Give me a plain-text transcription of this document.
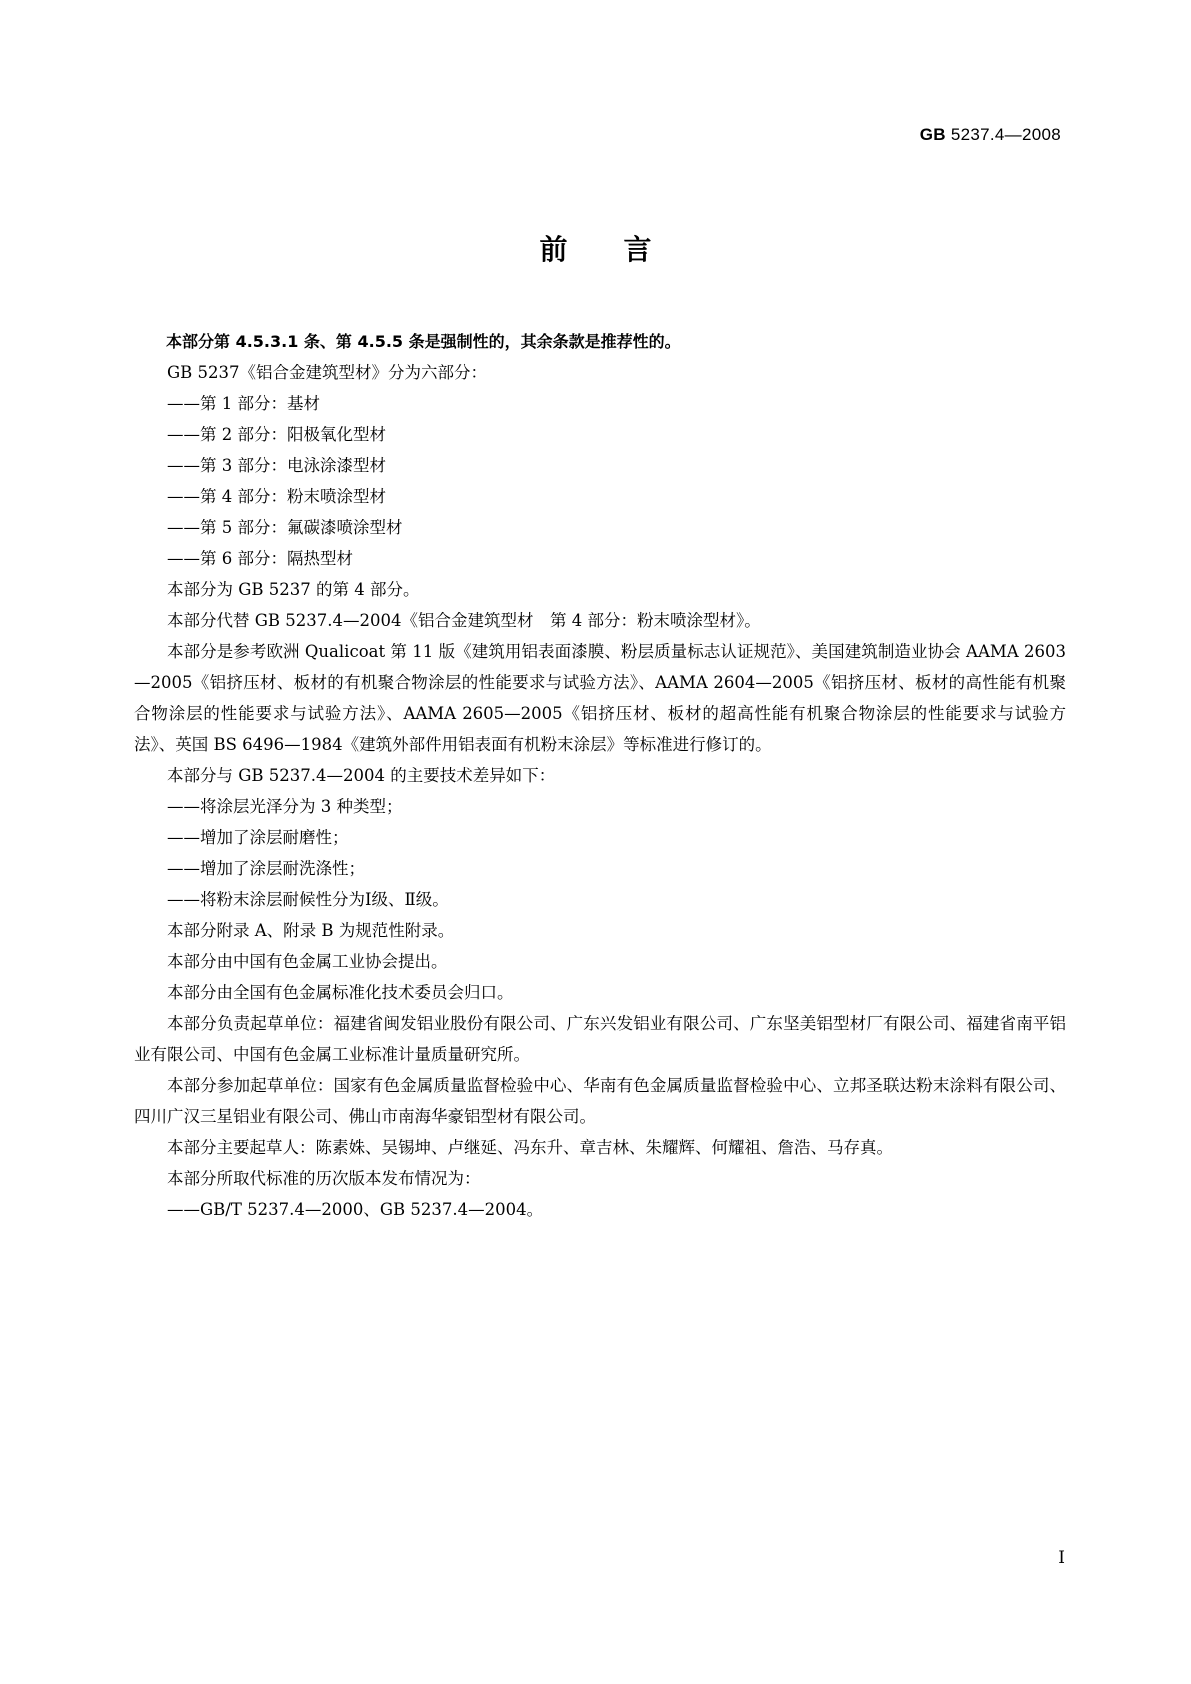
GB 5237.4—2008
前言

本部分第 4.5.3.1 条、第 4.5.5 条是强制性的，其余条款是推荐性的。

GB 5237《铝合金建筑型材》分为六部分：

——第 1 部分：基材

——第 2 部分：阳极氧化型材

——第 3 部分：电泳涂漆型材

——第 4 部分：粉末喷涂型材

——第 5 部分：氟碳漆喷涂型材

——第 6 部分：隔热型材

本部分为 GB 5237 的第 4 部分。

本部分代替 GB 5237.4—2004《铝合金建筑型材　第 4 部分：粉末喷涂型材》。

本部分是参考欧洲 Qualicoat 第 11 版《建筑用铝表面漆膜、粉层质量标志认证规范》、美国建筑制造业协会 AAMA 2603—2005《铝挤压材、板材的有机聚合物涂层的性能要求与试验方法》、AAMA 2604—2005《铝挤压材、板材的高性能有机聚合物涂层的性能要求与试验方法》、AAMA 2605—2005《铝挤压材、板材的超高性能有机聚合物涂层的性能要求与试验方法》、英国 BS 6496—1984《建筑外部件用铝表面有机粉末涂层》等标准进行修订的。

本部分与 GB 5237.4—2004 的主要技术差异如下：

——将涂层光泽分为 3 种类型；

——增加了涂层耐磨性；

——增加了涂层耐洗涤性；

——将粉末涂层耐候性分为Ⅰ级、Ⅱ级。

本部分附录 A、附录 B 为规范性附录。

本部分由中国有色金属工业协会提出。

本部分由全国有色金属标准化技术委员会归口。

本部分负责起草单位：福建省闽发铝业股份有限公司、广东兴发铝业有限公司、广东坚美铝型材厂有限公司、福建省南平铝业有限公司、中国有色金属工业标准计量质量研究所。

本部分参加起草单位：国家有色金属质量监督检验中心、华南有色金属质量监督检验中心、立邦圣联达粉末涂料有限公司、四川广汉三星铝业有限公司、佛山市南海华豪铝型材有限公司。

本部分主要起草人：陈素姝、吴锡坤、卢继延、冯东升、章吉林、朱耀辉、何耀祖、詹浩、马存真。

本部分所取代标准的历次版本发布情况为：

——GB/T 5237.4—2000、GB 5237.4—2004。

I
